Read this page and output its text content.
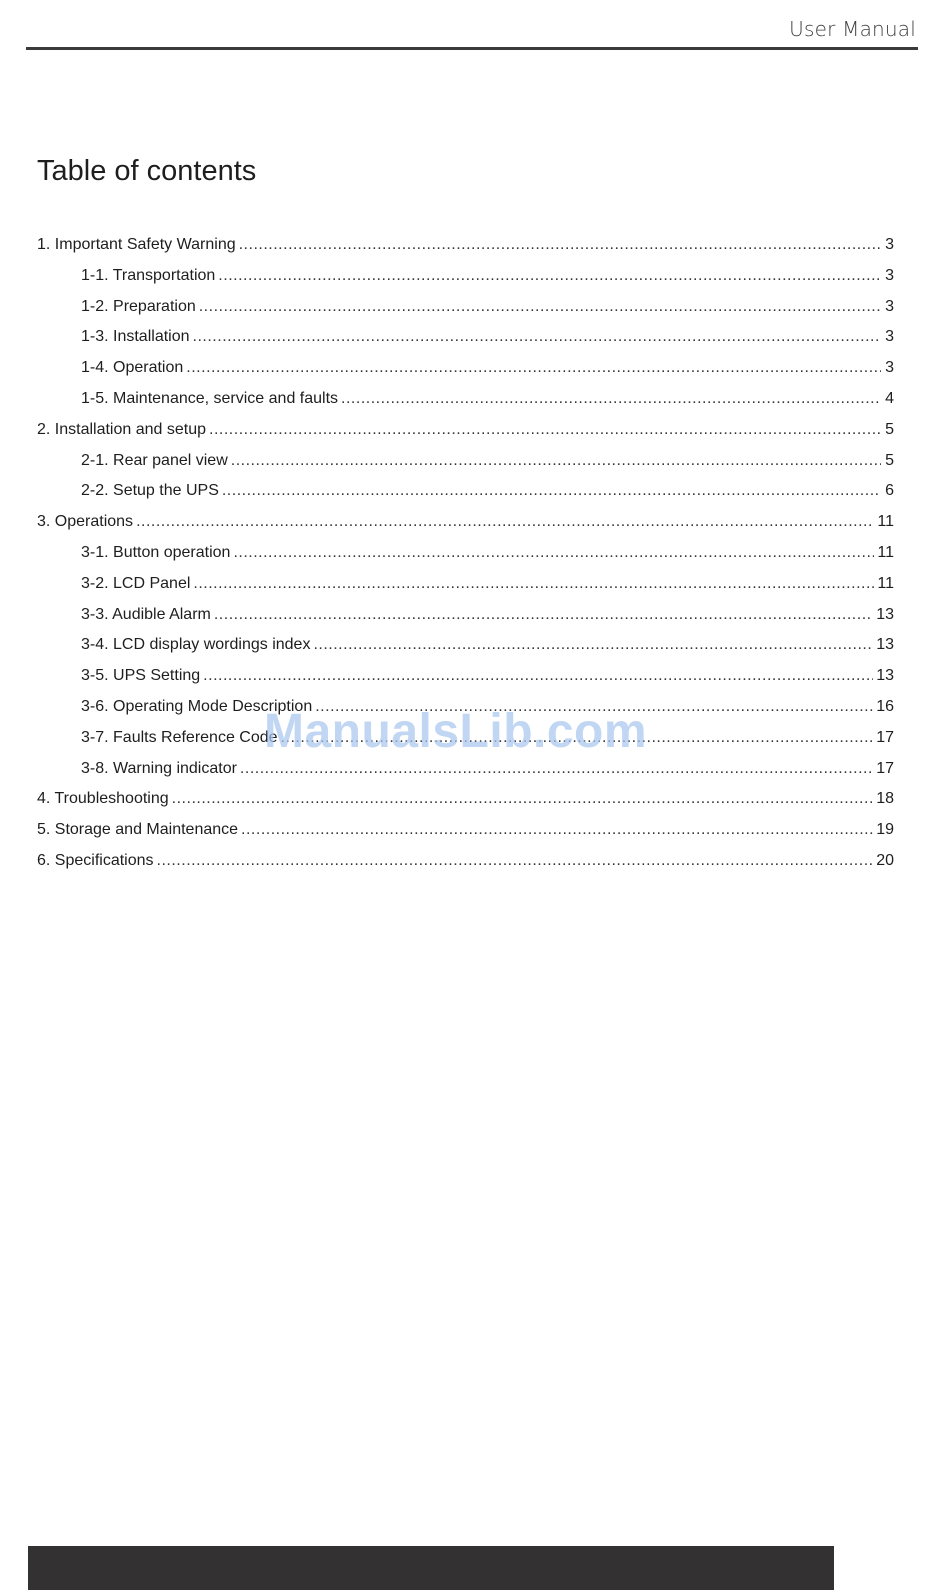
User Manual
Table of contents
1. Important Safety Warning .....	3
1-1. Transportation .....	3
1-2. Preparation .....	3
1-3. Installation .....	3
1-4. Operation .....	3
1-5. Maintenance, service and faults .....	4
2. Installation and setup .....	5
2-1. Rear panel view .....	5
2-2. Setup the UPS .....	6
3. Operations .....	11
3-1. Button operation .....	11
3-2. LCD Panel .....	11
3-3. Audible Alarm .....	13
3-4. LCD display wordings index .....	13
3-5. UPS Setting .....	13
3-6. Operating Mode Description .....	16
3-7. Faults Reference Code .....	17
3-8. Warning indicator .....	17
4. Troubleshooting .....	18
5. Storage and Maintenance .....	19
6. Specifications .....	20
ManualsLib.com
